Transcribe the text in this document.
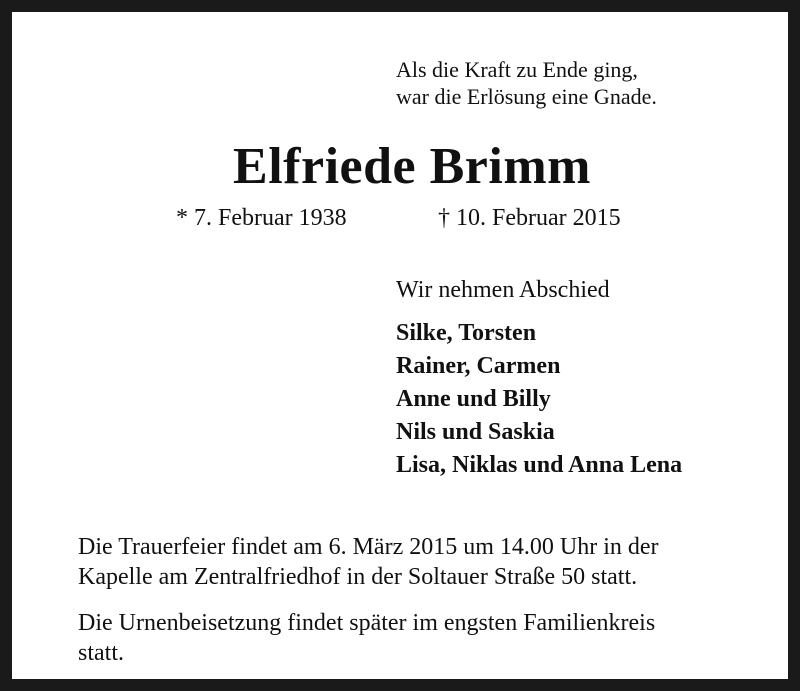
Als die Kraft zu Ende ging,
war die Erlösung eine Gnade.
Elfriede Brimm
* 7. Februar 1938	† 10. Februar 2015
Wir nehmen Abschied
Silke, Torsten
Rainer, Carmen
Anne und Billy
Nils und Saskia
Lisa, Niklas und Anna Lena
Die Trauerfeier findet am 6. März 2015 um 14.00 Uhr in der
Kapelle am Zentralfriedhof in der Soltauer Straße 50 statt.
Die Urnenbeisetzung findet später im engsten Familienkreis
statt.
